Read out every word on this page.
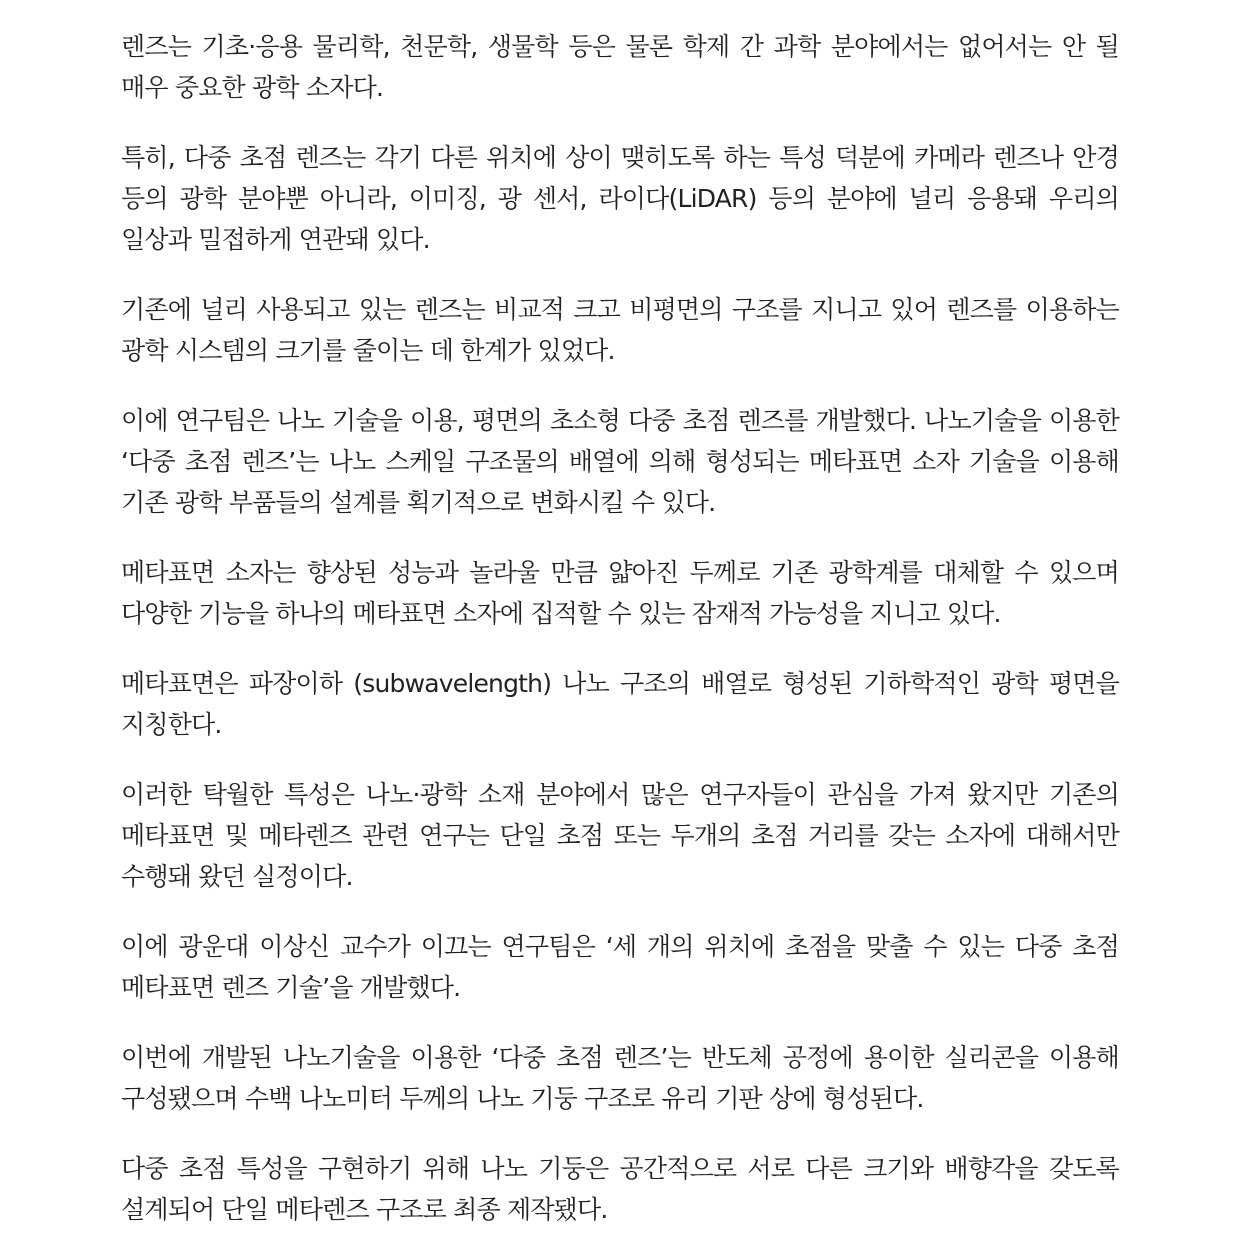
렌즈는 기초·응용 물리학, 천문학, 생물학 등은 물론 학제 간 과학 분야에서는 없어서는 안 될 매우 중요한 광학 소자다.

특히, 다중 초점 렌즈는 각기 다른 위치에 상이 맺히도록 하는 특성 덕분에 카메라 렌즈나 안경 등의 광학 분야뿐 아니라, 이미징, 광 센서, 라이다(LiDAR) 등의 분야에 널리 응용돼 우리의 일상과 밀접하게 연관돼 있다.

기존에 널리 사용되고 있는 렌즈는 비교적 크고 비평면의 구조를 지니고 있어 렌즈를 이용하는 광학 시스템의 크기를 줄이는 데 한계가 있었다.

이에 연구팀은 나노 기술을 이용, 평면의 초소형 다중 초점 렌즈를 개발했다. 나노기술을 이용한 ‘다중 초점 렌즈’는 나노 스케일 구조물의 배열에 의해 형성되는 메타표면 소자 기술을 이용해 기존 광학 부품들의 설계를 획기적으로 변화시킬 수 있다.

메타표면 소자는 향상된 성능과 놀라울 만큼 얇아진 두께로 기존 광학계를 대체할 수 있으며 다양한 기능을 하나의 메타표면 소자에 집적할 수 있는 잠재적 가능성을 지니고 있다.

메타표면은 파장이하 (subwavelength) 나노 구조의 배열로 형성된 기하학적인 광학 평면을 지칭한다.

이러한 탁월한 특성은 나노·광학 소재 분야에서 많은 연구자들이 관심을 가져 왔지만 기존의 메타표면 및 메타렌즈 관련 연구는 단일 초점 또는 두개의 초점 거리를 갖는 소자에 대해서만 수행돼 왔던 실정이다.

이에 광운대 이상신 교수가 이끄는 연구팀은 ‘세 개의 위치에 초점을 맞출 수 있는 다중 초점 메타표면 렌즈 기술’을 개발했다.

이번에 개발된 나노기술을 이용한 ‘다중 초점 렌즈’는 반도체 공정에 용이한 실리콘을 이용해 구성됐으며 수백 나노미터 두께의 나노 기둥 구조로 유리 기판 상에 형성된다.

다중 초점 특성을 구현하기 위해 나노 기둥은 공간적으로 서로 다른 크기와 배향각을 갖도록 설계되어 단일 메타렌즈 구조로 최종 제작됐다.
